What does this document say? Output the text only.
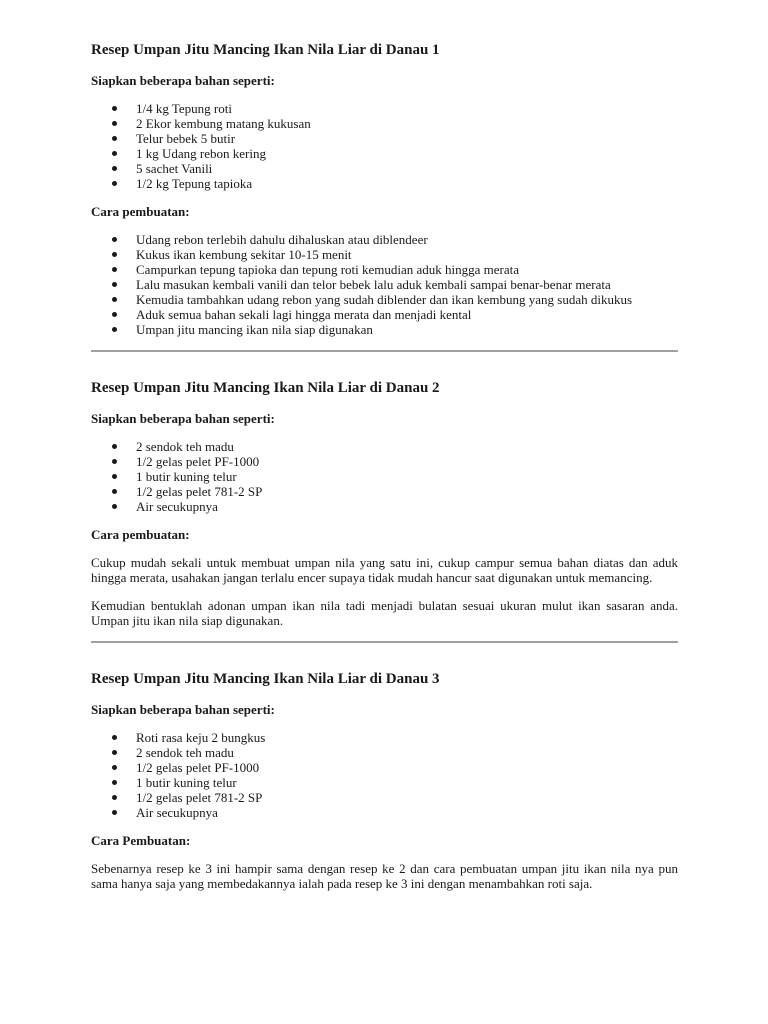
Resep Umpan Jitu Mancing Ikan Nila Liar di Danau 1
Siapkan beberapa bahan seperti:
1/4 kg Tepung roti
2 Ekor kembung matang kukusan
Telur bebek 5 butir
1 kg Udang rebon kering
5 sachet Vanili
1/2 kg Tepung tapioka
Cara pembuatan:
Udang rebon terlebih dahulu dihaluskan atau diblendeer
Kukus ikan kembung sekitar 10-15 menit
Campurkan tepung tapioka dan tepung roti kemudian aduk hingga merata
Lalu masukan kembali vanili dan telor bebek lalu aduk kembali sampai benar-benar merata
Kemudia tambahkan udang rebon yang sudah diblender dan ikan kembung yang sudah dikukus
Aduk semua bahan sekali lagi hingga merata dan menjadi kental
Umpan jitu mancing ikan nila siap digunakan
Resep Umpan Jitu Mancing Ikan Nila Liar di Danau 2
Siapkan beberapa bahan seperti:
2 sendok teh madu
1/2 gelas pelet PF-1000
1 butir kuning telur
1/2 gelas pelet 781-2 SP
Air secukupnya
Cara pembuatan:

Cukup mudah sekali untuk membuat umpan nila yang satu ini, cukup campur semua bahan diatas dan aduk hingga merata, usahakan jangan terlalu encer supaya tidak mudah hancur saat digunakan untuk memancing.

Kemudian bentuklah adonan umpan ikan nila tadi menjadi bulatan sesuai ukuran mulut ikan sasaran anda. Umpan jitu ikan nila siap digunakan.

Resep Umpan Jitu Mancing Ikan Nila Liar di Danau 3
Siapkan beberapa bahan seperti:
Roti rasa keju 2 bungkus
2 sendok teh madu
1/2 gelas pelet PF-1000
1 butir kuning telur
1/2 gelas pelet 781-2 SP
Air secukupnya
Cara Pembuatan:

Sebenarnya resep ke 3 ini hampir sama dengan resep ke 2 dan cara pembuatan umpan jitu ikan nila nya pun sama hanya saja yang membedakannya ialah pada resep ke 3 ini dengan menambahkan roti saja.
